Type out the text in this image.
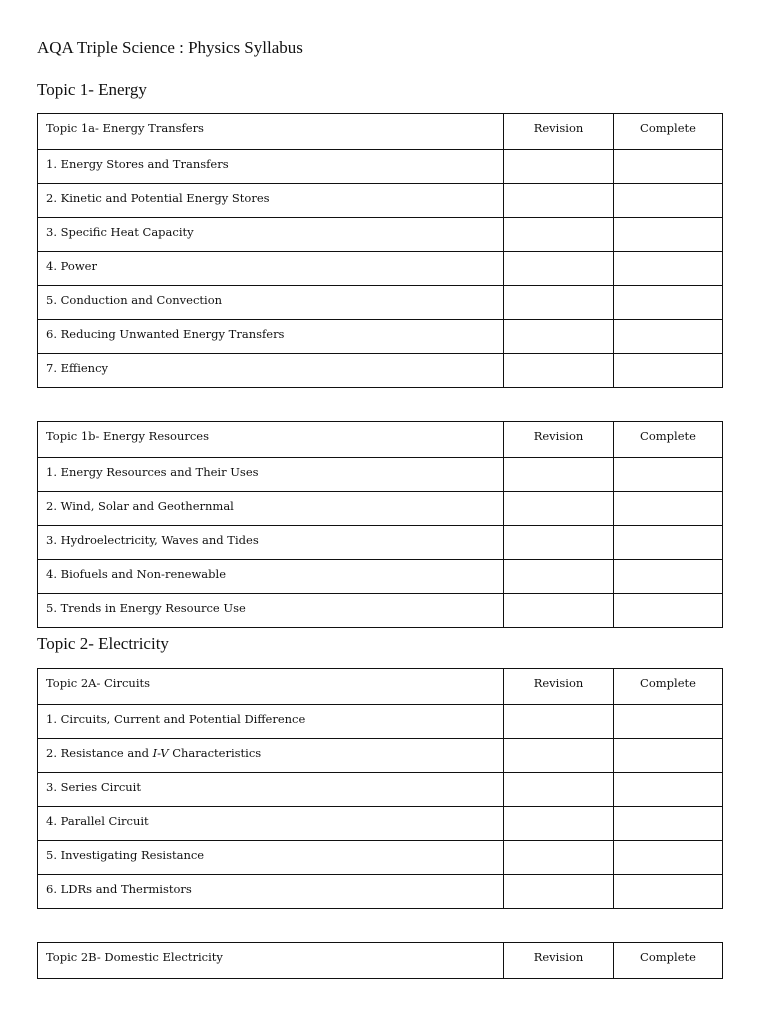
AQA Triple Science : Physics Syllabus
Topic 1- Energy
Topic 1a- Energy Transfers	Revision	Complete
1. Energy Stores and Transfers		
2. Kinetic and Potential Energy Stores		
3. Specific Heat Capacity		
4. Power		
5. Conduction and Convection		
6. Reducing Unwanted Energy Transfers		
7. Effiency		
Topic 1b- Energy Resources	Revision	Complete
1. Energy Resources and Their Uses		
2. Wind, Solar and Geothernmal		
3. Hydroelectricity, Waves and Tides		
4. Biofuels and Non-renewable		
5. Trends in Energy Resource Use		
Topic 2- Electricity
Topic 2A- Circuits	Revision	Complete
1. Circuits, Current and Potential Difference		
2. Resistance and I-V Characteristics		
3. Series Circuit		
4. Parallel Circuit		
5. Investigating Resistance		
6. LDRs and Thermistors		
Topic 2B- Domestic Electricity	Revision	Complete
